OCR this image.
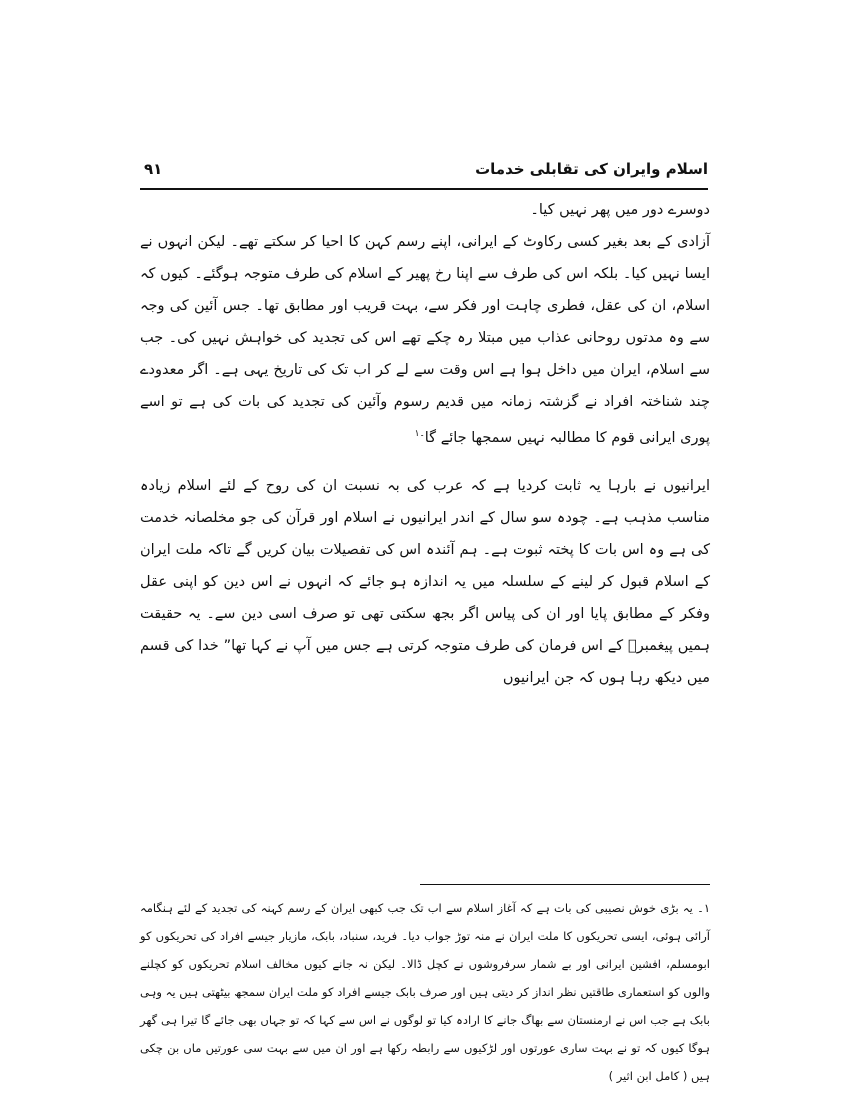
اسلام وایران کی تقابلی خدمات
۹۱

دوسرے دور میں پھر نہیں کیا۔

آزادی کے بعد بغیر کسی رکاوٹ کے ایرانی، اپنے رسم کہن کا احیا کر سکتے تھے۔ لیکن انہوں نے ایسا نہیں کیا۔ بلکہ اس کی طرف سے اپنا رخ پھیر کے اسلام کی طرف متوجہ ہوگئے۔ کیوں کہ اسلام، ان کی عقل، فطری چاہت اور فکر سے، بہت قریب اور مطابق تھا۔ جس آئین کی وجہ سے وہ مدتوں روحانی عذاب میں مبتلا رہ چکے تھے اس کی تجدید کی خواہش نہیں کی۔ جب سے اسلام، ایران میں داخل ہوا ہے اس وقت سے لے کر اب تک کی تاریخ یہی ہے۔ اگر معدودے چند شناختہ افراد نے گزشتہ زمانہ میں قدیم رسوم وآئین کی تجدید کی بات کی ہے تو اسے پوری ایرانی قوم کا مطالبہ نہیں سمجھا جائے گا$^{۔۱}$

ایرانیوں نے بارہا یہ ثابت کردیا ہے کہ عرب کی بہ نسبت ان کی روح کے لئے اسلام زیادہ مناسب مذہب ہے۔ چودہ سو سال کے اندر ایرانیوں نے اسلام اور قرآن کی جو مخلصانہ خدمت کی ہے وہ اس بات کا پختہ ثبوت ہے۔ ہم آئندہ اس کی تفصیلات بیان کریں گے تاکہ ملت ایران کے اسلام قبول کر لینے کے سلسلہ میں یہ اندازہ ہو جائے کہ انہوں نے اس دین کو اپنی عقل وفکر کے مطابق پایا اور ان کی پیاس اگر بجھ سکتی تھی تو صرف اسی دین سے۔ یہ حقیقت ہمیں پیغمبرؐ کے اس فرمان کی طرف متوجہ کرتی ہے جس میں آپ نے کہا تھا” خدا کی قسم میں دیکھ رہا ہوں کہ جن ایرانیوں

۱۔ یہ بڑی خوش نصیبی کی بات ہے کہ آغاز اسلام سے اب تک جب کبھی ایران کے رسم کہنہ کی تجدید کے لئے ہنگامہ آرائی ہوئی، ایسی تحریکوں کا ملت ایران نے منہ توڑ جواب دیا۔ فرید، سنباد، بابک، مازیار جیسے افراد کی تحریکوں کو ابومسلم، افشین ایرانی اور بے شمار سرفروشوں نے کچل ڈالا۔ لیکن نہ جانے کیوں مخالف اسلام تحریکوں کو کچلنے والوں کو استعماری طاقتیں نظر انداز کر دیتی ہیں اور صرف بابک جیسے افراد کو ملت ایران سمجھ بیٹھتی ہیں یہ وہی بابک ہے جب اس نے ارمنستان سے بھاگ جانے کا ارادہ کیا تو لوگوں نے اس سے کہا کہ تو جہاں بھی جائے گا تیرا ہی گھر ہوگا کیوں کہ تو نے بہت ساری عورتوں اور لڑکیوں سے رابطہ رکھا ہے اور ان میں سے بہت سی عورتیں ماں بن چکی ہیں ( کامل ابن اثیر )
